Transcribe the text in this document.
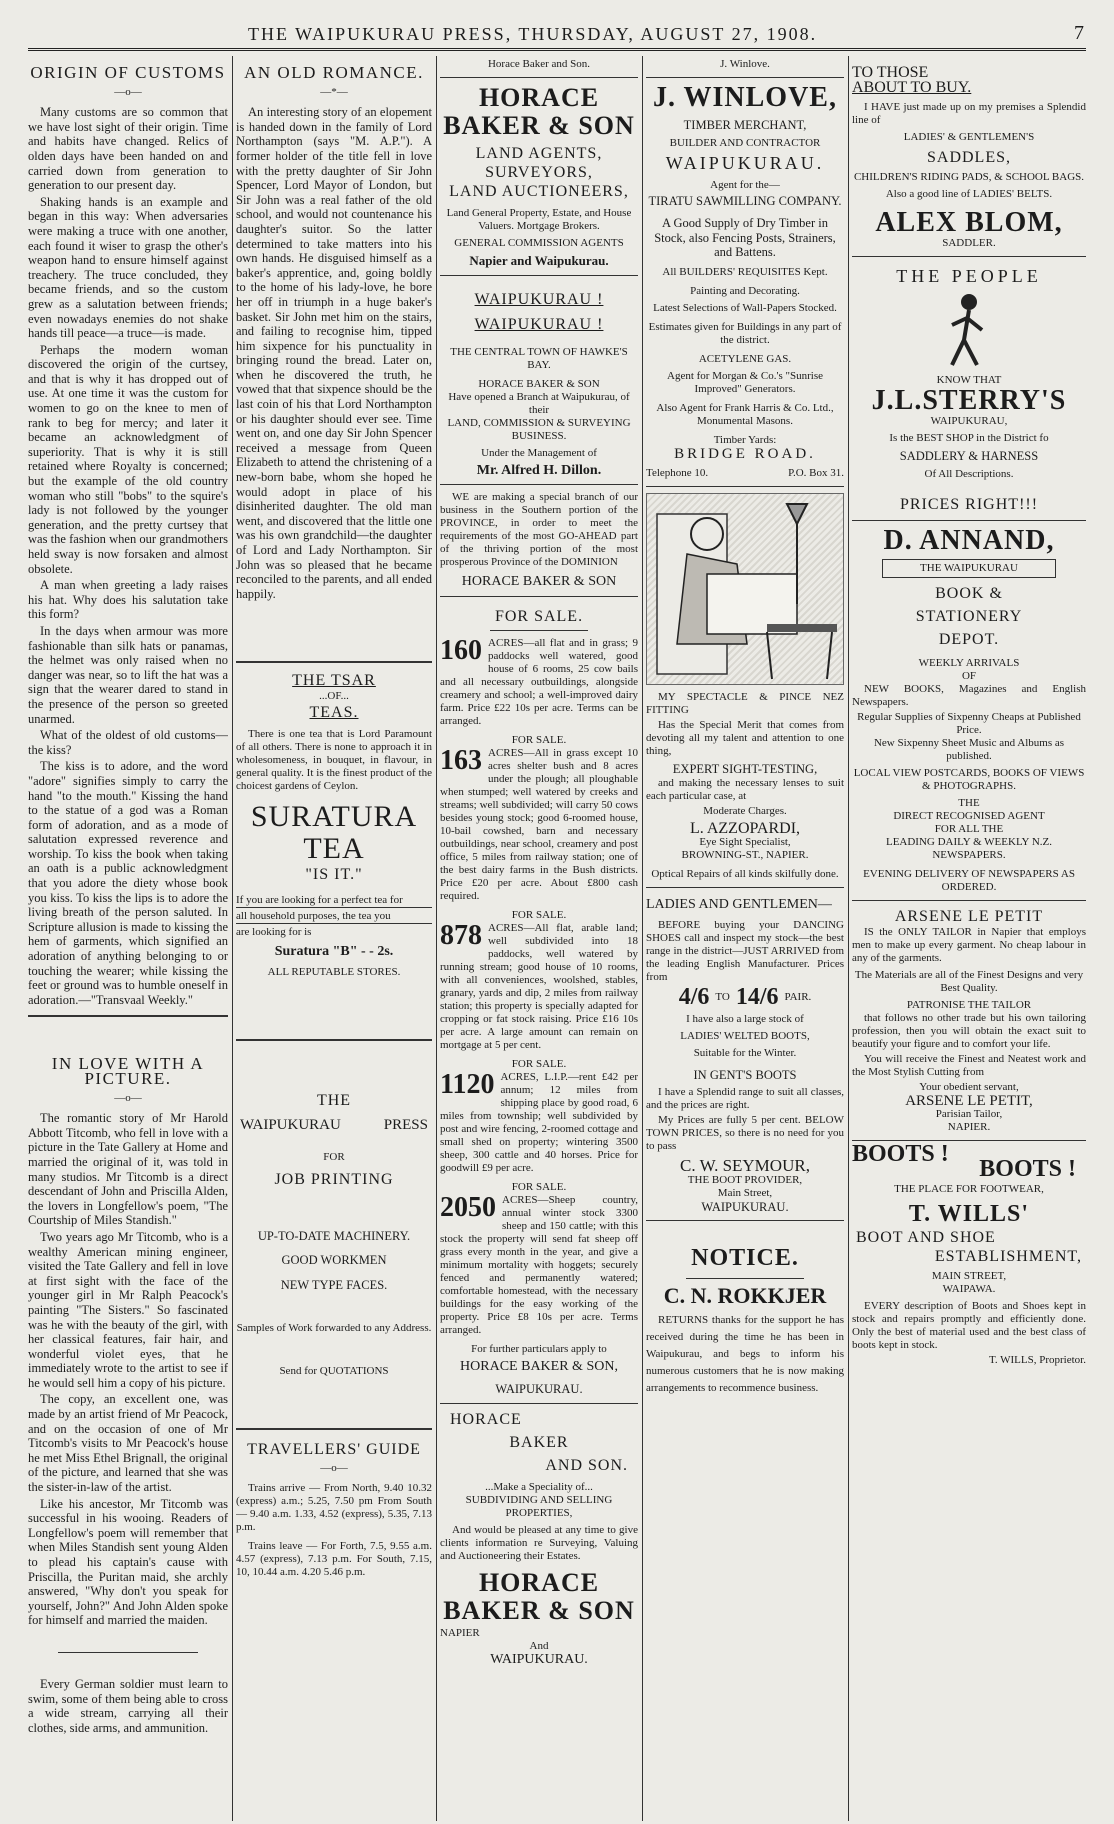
THE WAIPUKURAU PRESS, THURSDAY, AUGUST 27, 1908.	7
ORIGIN OF CUSTOMS
—o—

Many customs are so common that we have lost sight of their origin. Time and habits have changed. Relics of olden days have been handed on and carried down from generation to generation to our present day.

Shaking hands is an example and began in this way: When adversaries were making a truce with one another, each found it wiser to grasp the other's weapon hand to ensure himself against treachery. The truce concluded, they became friends, and so the custom grew as a salutation between friends; even nowadays enemies do not shake hands till peace—a truce—is made.

Perhaps the modern woman discovered the origin of the curtsey, and that is why it has dropped out of use. At one time it was the custom for women to go on the knee to men of rank to beg for mercy; and later it became an acknowledgment of superiority. That is why it is still retained where Royalty is concerned; but the example of the old country woman who still "bobs" to the squire's lady is not followed by the younger generation, and the pretty curtsey that was the fashion when our grandmothers held sway is now forsaken and almost obsolete.

A man when greeting a lady raises his hat. Why does his salutation take this form?

In the days when armour was more fashionable than silk hats or panamas, the helmet was only raised when no danger was near, so to lift the hat was a sign that the wearer dared to stand in the presence of the person so greeted unarmed.

What of the oldest of old customs—the kiss?

The kiss is to adore, and the word "adore" signifies simply to carry the hand "to the mouth." Kissing the hand to the statue of a god was a Roman form of adoration, and as a mode of salutation expressed reverence and worship. To kiss the book when taking an oath is a public acknowledgment that you adore the diety whose book you kiss. To kiss the lips is to adore the living breath of the person saluted. In Scripture allusion is made to kissing the hem of garments, which signified an adoration of anything belonging to or touching the wearer; while kissing the feet or ground was to humble oneself in adoration.—"Transvaal Weekly."

IN LOVE WITH A PICTURE.
—o—

The romantic story of Mr Harold Abbott Titcomb, who fell in love with a picture in the Tate Gallery at Home and married the original of it, was told in many studios. Mr Titcomb is a direct descendant of John and Priscilla Alden, the lovers in Longfellow's poem, "The Courtship of Miles Standish."

Two years ago Mr Titcomb, who is a wealthy American mining engineer, visited the Tate Gallery and fell in love at first sight with the face of the younger girl in Mr Ralph Peacock's painting "The Sisters." So fascinated was he with the beauty of the girl, with her classical features, fair hair, and wonderful violet eyes, that he immediately wrote to the artist to see if he would sell him a copy of his picture.

The copy, an excellent one, was made by an artist friend of Mr Peacock, and on the occasion of one of Mr Titcomb's visits to Mr Peacock's house he met Miss Ethel Brignall, the original of the picture, and learned that she was the sister-in-law of the artist.

Like his ancestor, Mr Titcomb was successful in his wooing. Readers of Longfellow's poem will remember that when Miles Standish sent young Alden to plead his captain's cause with Priscilla, the Puritan maid, she archly answered, "Why don't you speak for yourself, John?" And John Alden spoke for himself and married the maiden.

Every German soldier must learn to swim, some of them being able to cross a wide stream, carrying all their clothes, side arms, and ammunition.

AN OLD ROMANCE.
—*—

An interesting story of an elopement is handed down in the family of Lord Northampton (says "M. A.P."). A former holder of the title fell in love with the pretty daughter of Sir John Spencer, Lord Mayor of London, but Sir John was a real father of the old school, and would not countenance his daughter's suitor. So the latter determined to take matters into his own hands. He disguised himself as a baker's apprentice, and, going boldly to the home of his lady-love, he bore her off in triumph in a huge baker's basket. Sir John met him on the stairs, and failing to recognise him, tipped him sixpence for his punctuality in bringing round the bread. Later on, when he discovered the truth, he vowed that that sixpence should be the last coin of his that Lord Northampton or his daughter should ever see. Time went on, and one day Sir John Spencer received a message from Queen Elizabeth to attend the christening of a new-born babe, whom she hoped he would adopt in place of his disinherited daughter. The old man went, and discovered that the little one was his own grandchild—the daughter of Lord and Lady Northampton. Sir John was so pleased that he became reconciled to the parents, and all ended happily.

THE TSAR
...OF...
TEAS.

There is one tea that is Lord Paramount of all others. There is none to approach it in wholesomeness, in bouquet, in flavour, in general quality. It is the finest product of the choicest gardens of Ceylon.

SURATURA
TEA
"IS IT."
If you are looking for a perfect tea for
all household purposes, the tea you
are looking for is
Suratura "B" - - 2s.
ALL REPUTABLE STORES.
THE
WAIPUKURAU	PRESS
FOR
JOB PRINTING
UP-TO-DATE MACHINERY.
GOOD WORKMEN
NEW TYPE FACES.
Samples of Work forwarded to any Address.
Send for QUOTATIONS
TRAVELLERS' GUIDE
—o—

Trains arrive — From North, 9.40 10.32 (express) a.m.; 5.25, 7.50 pm From South — 9.40 a.m. 1.33, 4.52 (express), 5.35, 7.13 p.m.

Trains leave — For Forth, 7.5, 9.55 a.m. 4.57 (express), 7.13 p.m. For South, 7.15, 10, 10.44 a.m. 4.20 5.46 p.m.

Horace Baker and Son.
HORACE
BAKER & SON
LAND AGENTS,
SURVEYORS,
LAND AUCTIONEERS,
Land General Property, Estate, and House Valuers. Mortgage Brokers.
GENERAL COMMISSION AGENTS
Napier and Waipukurau.
WAIPUKURAU !
WAIPUKURAU !
THE CENTRAL TOWN OF HAWKE'S BAY.
HORACE BAKER & SON
Have opened a Branch at Waipukurau, of their
LAND, COMMISSION & SURVEYING BUSINESS.
Under the Management of
Mr. Alfred H. Dillon.

WE are making a special branch of our business in the Southern portion of the PROVINCE, in order to meet the requirements of the most GO-AHEAD part of the thriving portion of the most prosperous Province of the DOMINION

HORACE BAKER & SON
FOR SALE.
160 ACRES—all flat and in grass; 9 paddocks well watered, good house of 6 rooms, 25 cow bails and all necessary outbuildings, alongside creamery and school; a well-improved dairy farm. Price £22 10s per acre. Terms can be arranged.

FOR SALE.
163 ACRES—All in grass except 10 acres shelter bush and 8 acres under the plough; all ploughable when stumped; well watered by creeks and streams; well subdivided; will carry 50 cows besides young stock; good 6-roomed house, 10-bail cowshed, barn and necessary outbuildings, near school, creamery and post office, 5 miles from railway station; one of the best dairy farms in the Bush districts. Price £20 per acre. About £800 cash required.

FOR SALE.
878 ACRES—All flat, arable land; well subdivided into 18 paddocks, well watered by running stream; good house of 10 rooms, with all conveniences, woolshed, stables, granary, yards and dip, 2 miles from railway station; this property is specially adapted for cropping or fat stock raising. Price £16 10s per acre. A large amount can remain on mortgage at 5 per cent.

FOR SALE.
1120 ACRES, L.I.P.—rent £42 per annum; 12 miles from shipping place by good road, 6 miles from township; well subdivided by post and wire fencing, 2-roomed cottage and small shed on property; wintering 3500 sheep, 300 cattle and 40 horses. Price for goodwill £9 per acre.

FOR SALE.
2050 ACRES—Sheep country, annual winter stock 3300 sheep and 150 cattle; with this stock the property will send fat sheep off grass every month in the year, and give a minimum mortality with hoggets; securely fenced and permanently watered; comfortable homestead, with the necessary buildings for the easy working of the property. Price £8 10s per acre. Terms arranged.

For further particulars apply to
HORACE BAKER & SON,
WAIPUKURAU.
HORACE
BAKER
AND SON.
...Make a Speciality of...
SUBDIVIDING AND SELLING PROPERTIES,

And would be pleased at any time to give clients information re Surveying, Valuing and Auctioneering their Estates.

HORACE
BAKER & SON
NAPIER
And
WAIPUKURAU.
J. Winlove.
J. WINLOVE,
TIMBER MERCHANT,
BUILDER AND CONTRACTOR
WAIPUKURAU.
Agent for the—
TIRATU SAWMILLING COMPANY.

A Good Supply of Dry Timber in Stock, also Fencing Posts, Strainers, and Battens.

All BUILDERS' REQUISITES Kept.
Painting and Decorating.
Latest Selections of Wall-Papers Stocked.
Estimates given for Buildings in any part of the district.
ACETYLENE GAS.
Agent for Morgan & Co.'s "Sunrise Improved" Generators.
Also Agent for Frank Harris & Co. Ltd., Monumental Masons.
Timber Yards:
BRIDGE ROAD.
Telephone 10.	P.O. Box 31.

MY SPECTACLE & PINCE NEZ FITTING

Has the Special Merit that comes from devoting all my talent and attention to one thing,

EXPERT SIGHT-TESTING,

and making the necessary lenses to suit each particular case, at

Moderate Charges.
L. AZZOPARDI,
Eye Sight Specialist,
BROWNING-ST., NAPIER.
Optical Repairs of all kinds skilfully done.
LADIES AND GENTLEMEN—

BEFORE buying your DANCING SHOES call and inspect my stock—the best range in the district—JUST ARRIVED from the leading English Manufacturer. Prices from

4/6 TO 14/6 PAIR.
I have also a large stock of
LADIES' WELTED BOOTS,
Suitable for the Winter.
IN GENT'S BOOTS

I have a Splendid range to suit all classes, and the prices are right.

My Prices are fully 5 per cent. BELOW TOWN PRICES, so there is no need for you to pass

C. W. SEYMOUR,
THE BOOT PROVIDER,
Main Street,
WAIPUKURAU.
NOTICE.
C. N. ROKKJER

RETURNS thanks for the support he has received during the time he has been in Waipukurau, and begs to inform his numerous customers that he is now making arrangements to recommence business.

TO THOSE
ABOUT TO BUY.

I HAVE just made up on my premises a Splendid line of

LADIES' & GENTLEMEN'S
SADDLES,
CHILDREN'S RIDING PADS, & SCHOOL BAGS.
Also a good line of LADIES' BELTS.
ALEX BLOM,
SADDLER.
THE PEOPLE
KNOW THAT
J.L.STERRY'S
WAIPUKURAU,
Is the BEST SHOP in the District fo
SADDLERY & HARNESS
Of All Descriptions.
PRICES RIGHT!!!
D. ANNAND,
THE WAIPUKURAU
BOOK &
STATIONERY
DEPOT.
WEEKLY ARRIVALS
OF

NEW BOOKS, Magazines and English Newspapers.

Regular Supplies of Sixpenny Cheaps at Published Price.
New Sixpenny Sheet Music and Albums as published.
LOCAL VIEW POSTCARDS, BOOKS OF VIEWS & PHOTOGRAPHS.
THE
DIRECT RECOGNISED AGENT
FOR ALL THE
LEADING DAILY & WEEKLY N.Z. NEWSPAPERS.
EVENING DELIVERY OF NEWSPAPERS AS ORDERED.
ARSENE LE PETIT

IS the ONLY TAILOR in Napier that employs men to make up every garment. No cheap labour in any of the garments.

The Materials are all of the Finest Designs and very Best Quality.
PATRONISE THE TAILOR

that follows no other trade but his own tailoring profession, then you will obtain the exact suit to beautify your figure and to comfort your life.

You will receive the Finest and Neatest work and the Most Stylish Cutting from

Your obedient servant,
ARSENE LE PETIT,
Parisian Tailor,
NAPIER.
BOOTS !
BOOTS !
THE PLACE FOR FOOTWEAR,
T. WILLS'
BOOT AND SHOE
ESTABLISHMENT,
MAIN STREET,
WAIPAWA.

EVERY description of Boots and Shoes kept in stock and repairs promptly and efficiently done. Only the best of material used and the best class of boots kept in stock.

T. WILLS, Proprietor.
